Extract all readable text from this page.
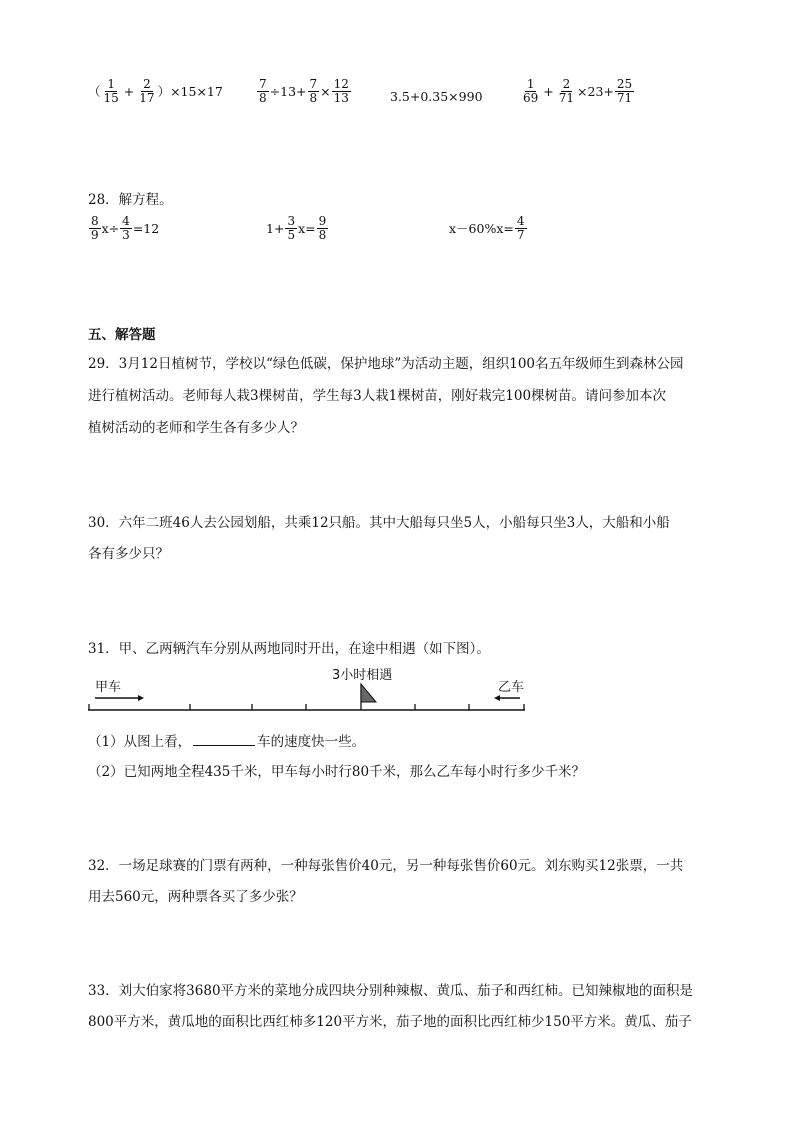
（ $\frac{1}{15} + \frac{2}{17} )\times 15\times 17$	$\frac{7}{8} \div 13+ \frac{7}{8} \times \frac{12}{13}$	3.5+0.35×990	$\frac{1}{69} + \frac{2}{71} \times 23+ \frac{25}{71}$
28．解方程。
$\frac{8}{9} x\div \frac{4}{3} =12$	$1+ \frac{3}{5} x= \frac{9}{8}$	$x-60\%x= \frac{4}{7}$
五、解答题
29．3月12日植树节，学校以“绿色低碳，保护地球”为活动主题，组织100名五年级师生到森林公园
进行植树活动。老师每人栽3棵树苗，学生每3人栽1棵树苗，刚好栽完100棵树苗。请问参加本次
植树活动的老师和学生各有多少人？
30．六年二班46人去公园划船，共乘12只船。其中大船每只坐5人，小船每只坐3人，大船和小船
各有多少只？
31．甲、乙两辆汽车分别从两地同时开出，在途中相遇（如下图）。
甲车
3小时相遇
乙车
（1）从图上看，	车的速度快一些。
（2）已知两地全程435千米，甲车每小时行80千米，那么乙车每小时行多少千米？
32．一场足球赛的门票有两种，一种每张售价40元，另一种每张售价60元。刘东购买12张票，一共
用去560元，两种票各买了多少张？
33．刘大伯家将3680平方米的菜地分成四块分别种辣椒、黄瓜、茄子和西红柿。已知辣椒地的面积是
800平方米，黄瓜地的面积比西红柿多120平方米，茄子地的面积比西红柿少150平方米。黄瓜、茄子
